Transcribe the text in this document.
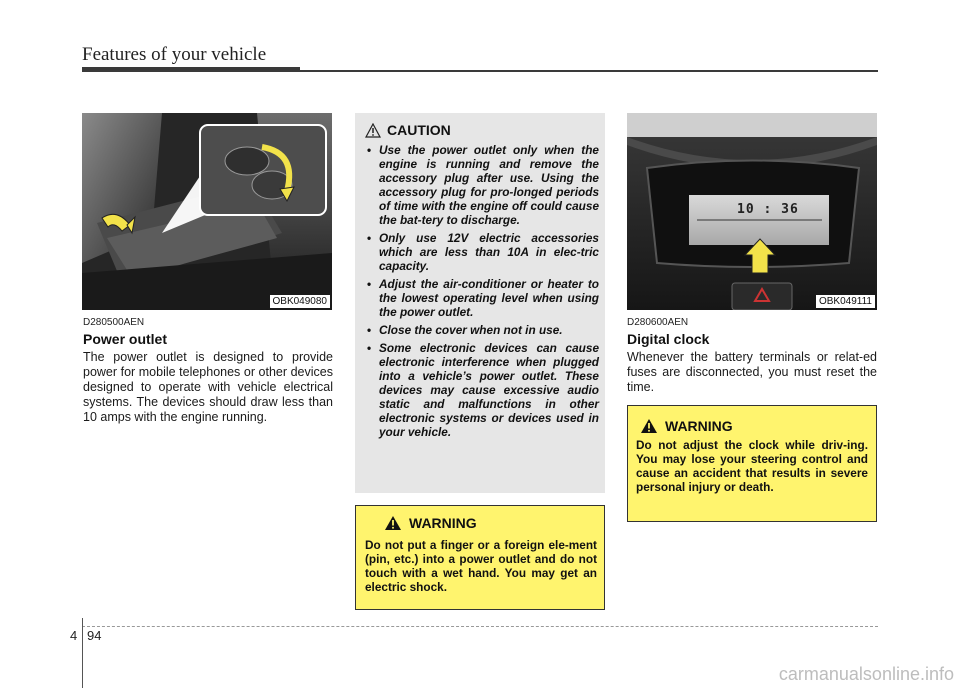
Features of your vehicle
OBK049080
D280500AEN
Power outlet
The power outlet is designed to provide power for mobile telephones or other devices designed to operate with vehicle electrical systems. The devices should draw less than 10 amps with the engine running.
CAUTION
• Use the power outlet only when the engine is running and remove the accessory plug after use. Using the accessory plug for pro-longed periods of time with the engine off could cause the bat-tery to discharge.
• Only use 12V electric accessories which are less than 10A in elec-tric capacity.
• Adjust the air-conditioner or heater to the lowest operating level when using the power outlet.
• Close the cover when not in use.
• Some electronic devices can cause electronic interference when plugged into a vehicle’s power outlet. These devices may cause excessive audio static and malfunctions in other electronic systems or devices used in your vehicle.
WARNING
Do not put a finger or a foreign ele-ment (pin, etc.) into a power outlet and do not touch with a wet hand. You may get an electric shock.
10 : 36
OBK049111
D280600AEN
Digital clock
Whenever the battery terminals or relat-ed fuses are disconnected, you must reset the time.
WARNING
Do not adjust the clock while driv-ing. You may lose your steering control and cause an accident that results in severe personal injury or death.
4 94
carmanualsonline.info
